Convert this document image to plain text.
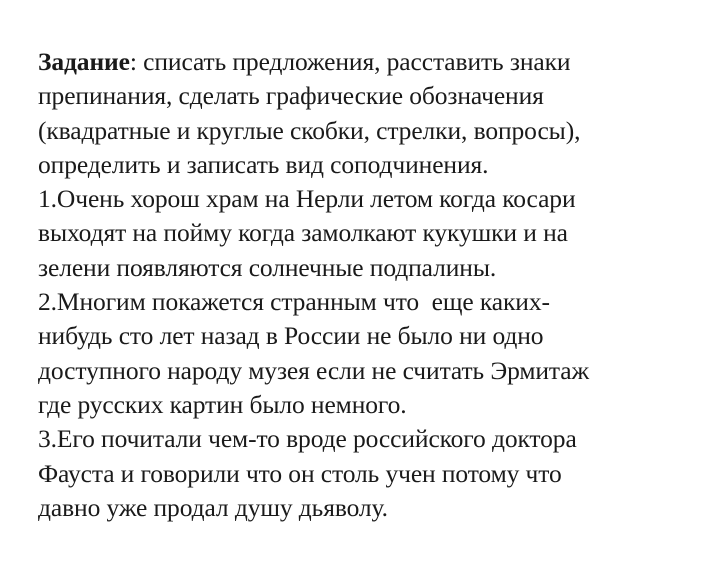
Задание: списать предложения, расставить знаки
препинания, сделать графические обозначения
(квадратные и круглые скобки, стрелки, вопросы),
определить и записать вид соподчинения.
1.Очень хорош храм на Нерли летом когда косари
выходят на пойму когда замолкают кукушки и на
зелени появляются солнечные подпалины.
2.Многим покажется странным что  еще каких-
нибудь сто лет назад в России не было ни одно
доступного народу музея если не считать Эрмитаж
где русских картин было немного.
3.Его почитали чем-то вроде российского доктора
Фауста и говорили что он столь учен потому что
давно уже продал душу дьяволу.
